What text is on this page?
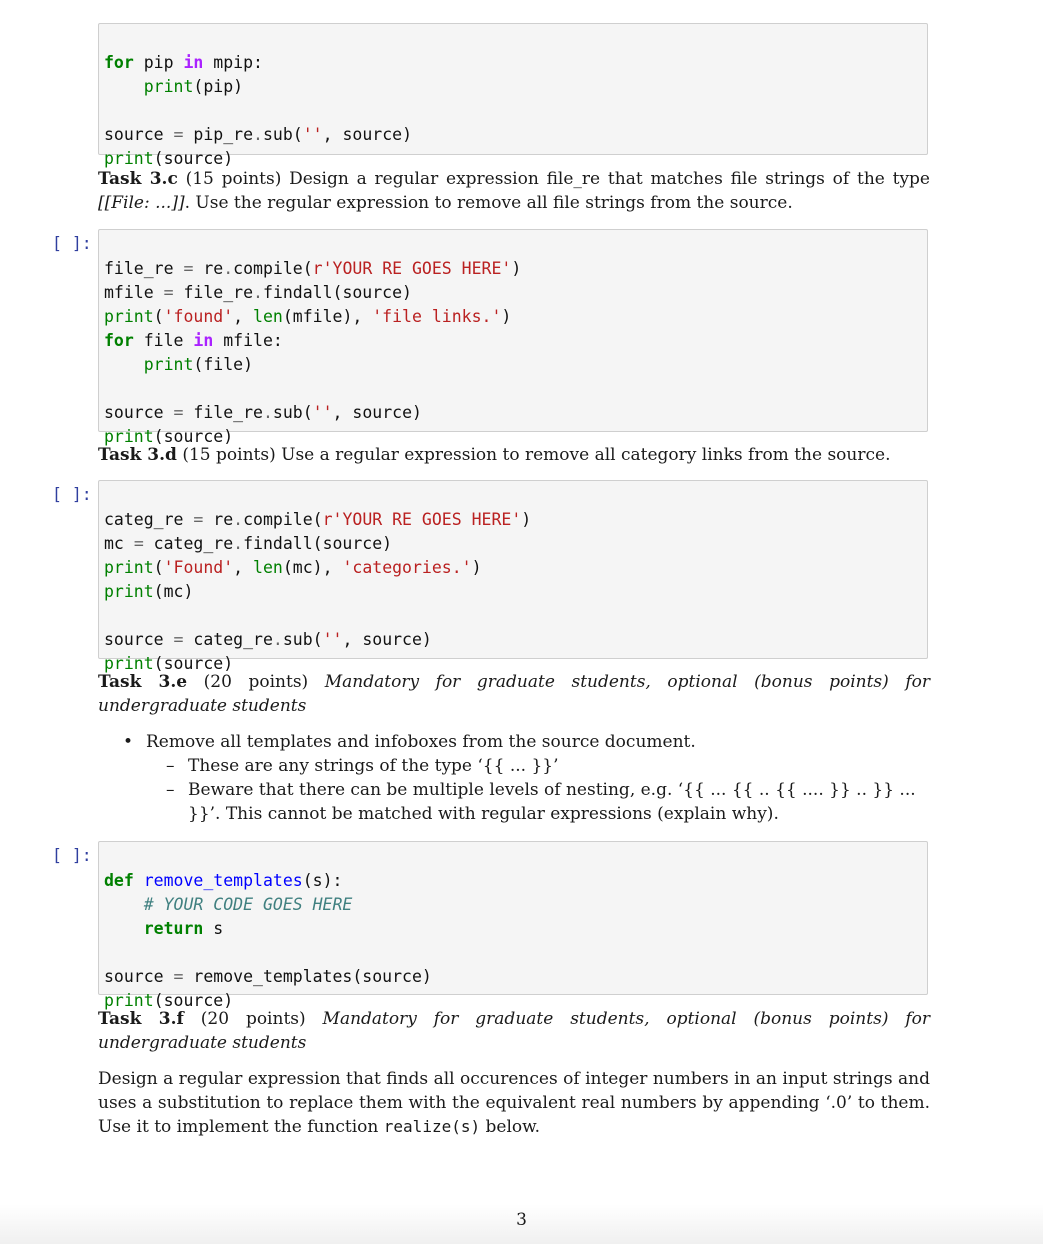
for pip in mpip:
print(pip)
source = pip_re.sub('', source)
print(source)
Task 3.c (15 points) Design a regular expression file_re that matches file strings of the type [[File: ...]]. Use the regular expression to remove all file strings from the source.
[ ]:

file_re = re.compile(r'YOUR RE GOES HERE')
mfile = file_re.findall(source)
print('found', len(mfile), 'file links.')
for file in mfile:
print(file)
source = file_re.sub('', source)
print(source)
Task 3.d (15 points) Use a regular expression to remove all category links from the source.
[ ]:

categ_re = re.compile(r'YOUR RE GOES HERE')
mc = categ_re.findall(source)
print('Found', len(mc), 'categories.')
print(mc)
source = categ_re.sub('', source)
print(source)
Task 3.e (20 points) Mandatory for graduate students, optional (bonus points) for undergraduate students
• Remove all templates and infoboxes from the source document.
– These are any strings of the type ‘{{ ... }}’
– Beware that there can be multiple levels of nesting, e.g. ‘{{ ... {{ .. {{ .... }} .. }} ... }}’. This cannot be matched with regular expressions (explain why).
[ ]:

def remove_templates(s):
# YOUR CODE GOES HERE
return s
source = remove_templates(source)
print(source)
Task 3.f (20 points) Mandatory for graduate students, optional (bonus points) for undergraduate students
Design a regular expression that finds all occurences of integer numbers in an input strings and uses a substitution to replace them with the equivalent real numbers by appending ‘.0’ to them. Use it to implement the function realize(s) below.
3
